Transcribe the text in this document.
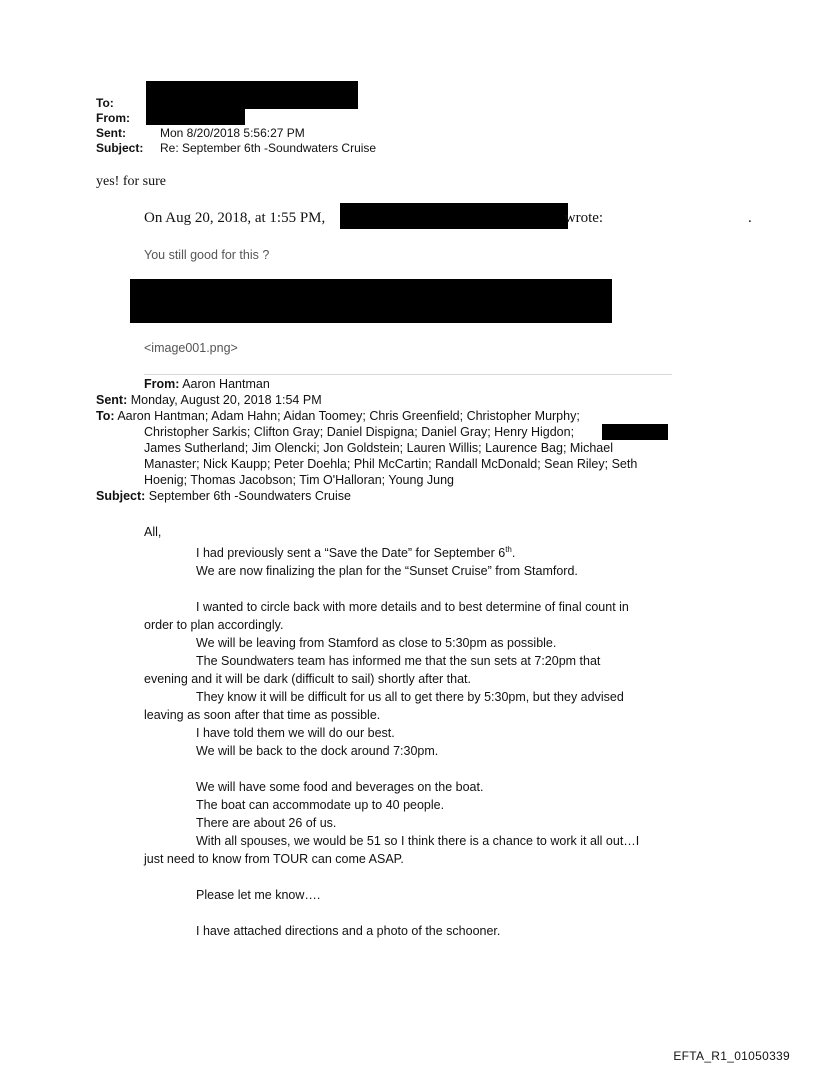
To:
From:
Sent:	Mon 8/20/2018 5:56:27 PM
Subject:	Re: September 6th -Soundwaters Cruise
yes! for sure
On Aug 20, 2018, at 1:55 PM,	wrote:	.
You still good for this ?
<image001.png>
From: Aaron Hantman
Sent: Monday, August 20, 2018 1:54 PM
To: Aaron Hantman; Adam Hahn; Aidan Toomey; Chris Greenfield; Christopher Murphy;
Christopher Sarkis; Clifton Gray; Daniel Dispigna; Daniel Gray; Henry Higdon;
James Sutherland; Jim Olencki; Jon Goldstein; Lauren Willis; Laurence Bag; Michael
Manaster; Nick Kaupp; Peter Doehla; Phil McCartin; Randall McDonald; Sean Riley; Seth
Hoenig; Thomas Jacobson; Tim O'Halloran; Young Jung
Subject: September 6th -Soundwaters Cruise

All,

I had previously sent a “Save the Date” for September 6th.

We are now finalizing the plan for the “Sunset Cruise” from Stamford.

I wanted to circle back with more details and to best determine of final count in

order to plan accordingly.

We will be leaving from Stamford as close to 5:30pm as possible.

The Soundwaters team has informed me that the sun sets at 7:20pm that

evening and it will be dark (difficult to sail) shortly after that.

They know it will be difficult for us all to get there by 5:30pm, but they advised

leaving as soon after that time as possible.

I have told them we will do our best.

We will be back to the dock around 7:30pm.

We will have some food and beverages on the boat.

The boat can accommodate up to 40 people.

There are about 26 of us.

With all spouses, we would be 51 so I think there is a chance to work it all out…I

just need to know from TOUR can come ASAP.

Please let me know….

I have attached directions and a photo of the schooner.

EFTA_R1_01050339
